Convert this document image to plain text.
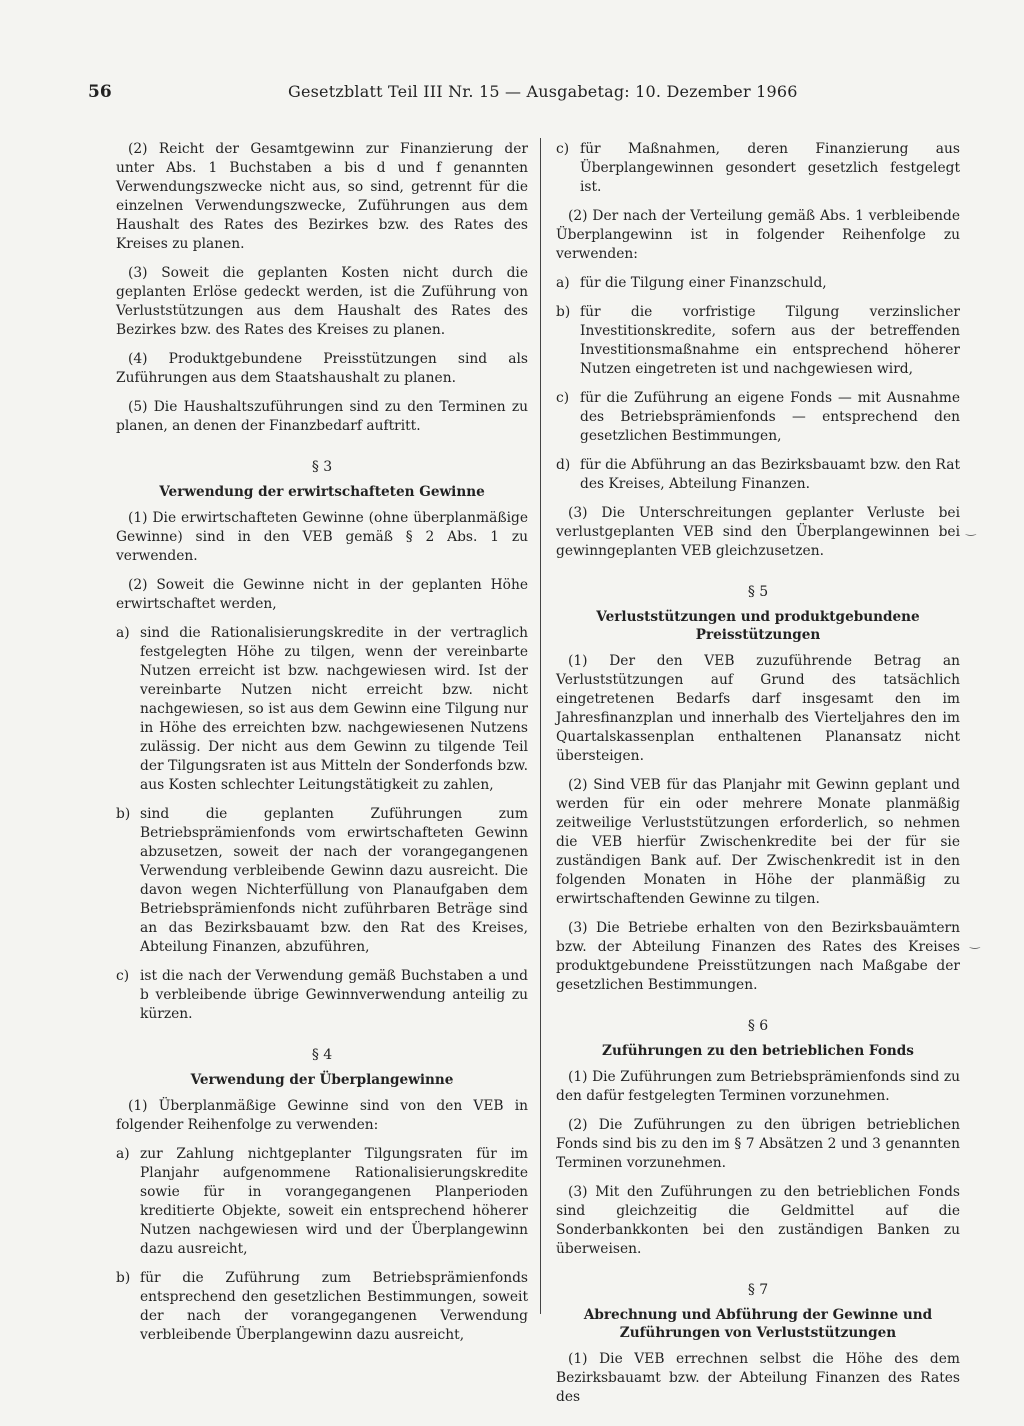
56	Gesetzblatt Teil III Nr. 15 — Ausgabetag: 10. Dezember 1966

(2) Reicht der Gesamtgewinn zur Finanzierung der unter Abs. 1 Buchstaben a bis d und f genannten Verwendungszwecke nicht aus, so sind, getrennt für die einzelnen Verwendungszwecke, Zuführungen aus dem Haushalt des Rates des Bezirkes bzw. des Rates des Kreises zu planen.

(3) Soweit die geplanten Kosten nicht durch die geplanten Erlöse gedeckt werden, ist die Zuführung von Verluststützungen aus dem Haushalt des Rates des Bezirkes bzw. des Rates des Kreises zu planen.

(4) Produktgebundene Preisstützungen sind als Zuführungen aus dem Staatshaushalt zu planen.

(5) Die Haushaltszuführungen sind zu den Terminen zu planen, an denen der Finanzbedarf auftritt.

§ 3
Verwendung der erwirtschafteten Gewinne

(1) Die erwirtschafteten Gewinne (ohne überplanmäßige Gewinne) sind in den VEB gemäß § 2 Abs. 1 zu verwenden.

(2) Soweit die Gewinne nicht in der geplanten Höhe erwirtschaftet werden,

a) sind die Rationalisierungskredite in der vertraglich festgelegten Höhe zu tilgen, wenn der vereinbarte Nutzen erreicht ist bzw. nachgewiesen wird. Ist der vereinbarte Nutzen nicht erreicht bzw. nicht nachgewiesen, so ist aus dem Gewinn eine Tilgung nur in Höhe des erreichten bzw. nachgewiesenen Nutzens zulässig. Der nicht aus dem Gewinn zu tilgende Teil der Tilgungsraten ist aus Mitteln der Sonderfonds bzw. aus Kosten schlechter Leitungstätigkeit zu zahlen,
b) sind die geplanten Zuführungen zum Betriebsprämienfonds vom erwirtschafteten Gewinn abzusetzen, soweit der nach der vorangegangenen Verwendung verbleibende Gewinn dazu ausreicht. Die davon wegen Nichterfüllung von Planaufgaben dem Betriebsprämienfonds nicht zuführbaren Beträge sind an das Bezirksbauamt bzw. den Rat des Kreises, Abteilung Finanzen, abzuführen,
c) ist die nach der Verwendung gemäß Buchstaben a und b verbleibende übrige Gewinnverwendung anteilig zu kürzen.
§ 4
Verwendung der Überplangewinne

(1) Überplanmäßige Gewinne sind von den VEB in folgender Reihenfolge zu verwenden:

a) zur Zahlung nichtgeplanter Tilgungsraten für im Planjahr aufgenommene Rationalisierungskredite sowie für in vorangegangenen Planperioden kreditierte Objekte, soweit ein entsprechend höherer Nutzen nachgewiesen wird und der Überplangewinn dazu ausreicht,
b) für die Zuführung zum Betriebsprämienfonds entsprechend den gesetzlichen Bestimmungen, soweit der nach der vorangegangenen Verwendung verbleibende Überplangewinn dazu ausreicht,
c) für Maßnahmen, deren Finanzierung aus Überplangewinnen gesondert gesetzlich festgelegt ist.

(2) Der nach der Verteilung gemäß Abs. 1 verbleibende Überplangewinn ist in folgender Reihenfolge zu verwenden:

a) für die Tilgung einer Finanzschuld,
b) für die vorfristige Tilgung verzinslicher Investitionskredite, sofern aus der betreffenden Investitionsmaßnahme ein entsprechend höherer Nutzen eingetreten ist und nachgewiesen wird,
c) für die Zuführung an eigene Fonds — mit Ausnahme des Betriebsprämienfonds — entsprechend den gesetzlichen Bestimmungen,
d) für die Abführung an das Bezirksbauamt bzw. den Rat des Kreises, Abteilung Finanzen.

(3) Die Unterschreitungen geplanter Verluste bei verlustgeplanten VEB sind den Überplangewinnen bei gewinngeplanten VEB gleichzusetzen.

§ 5
Verluststützungen und produktgebundene Preisstützungen

(1) Der den VEB zuzuführende Betrag an Verluststützungen auf Grund des tatsächlich eingetretenen Bedarfs darf insgesamt den im Jahresfinanzplan und innerhalb des Vierteljahres den im Quartalskassenplan enthaltenen Planansatz nicht übersteigen.

(2) Sind VEB für das Planjahr mit Gewinn geplant und werden für ein oder mehrere Monate planmäßig zeitweilige Verluststützungen erforderlich, so nehmen die VEB hierfür Zwischenkredite bei der für sie zuständigen Bank auf. Der Zwischenkredit ist in den folgenden Monaten in Höhe der planmäßig zu erwirtschaftenden Gewinne zu tilgen.

(3) Die Betriebe erhalten von den Bezirksbauämtern bzw. der Abteilung Finanzen des Rates des Kreises produktgebundene Preisstützungen nach Maßgabe der gesetzlichen Bestimmungen.

§ 6
Zuführungen zu den betrieblichen Fonds

(1) Die Zuführungen zum Betriebsprämienfonds sind zu den dafür festgelegten Terminen vorzunehmen.

(2) Die Zuführungen zu den übrigen betrieblichen Fonds sind bis zu den im § 7 Absätzen 2 und 3 genannten Terminen vorzunehmen.

(3) Mit den Zuführungen zu den betrieblichen Fonds sind gleichzeitig die Geldmittel auf die Sonderbankkonten bei den zuständigen Banken zu überweisen.

§ 7
Abrechnung und Abführung der Gewinne und Zuführungen von Verluststützungen

(1) Die VEB errechnen selbst die Höhe des dem Bezirksbauamt bzw. der Abteilung Finanzen des Rates des

‿
‿
